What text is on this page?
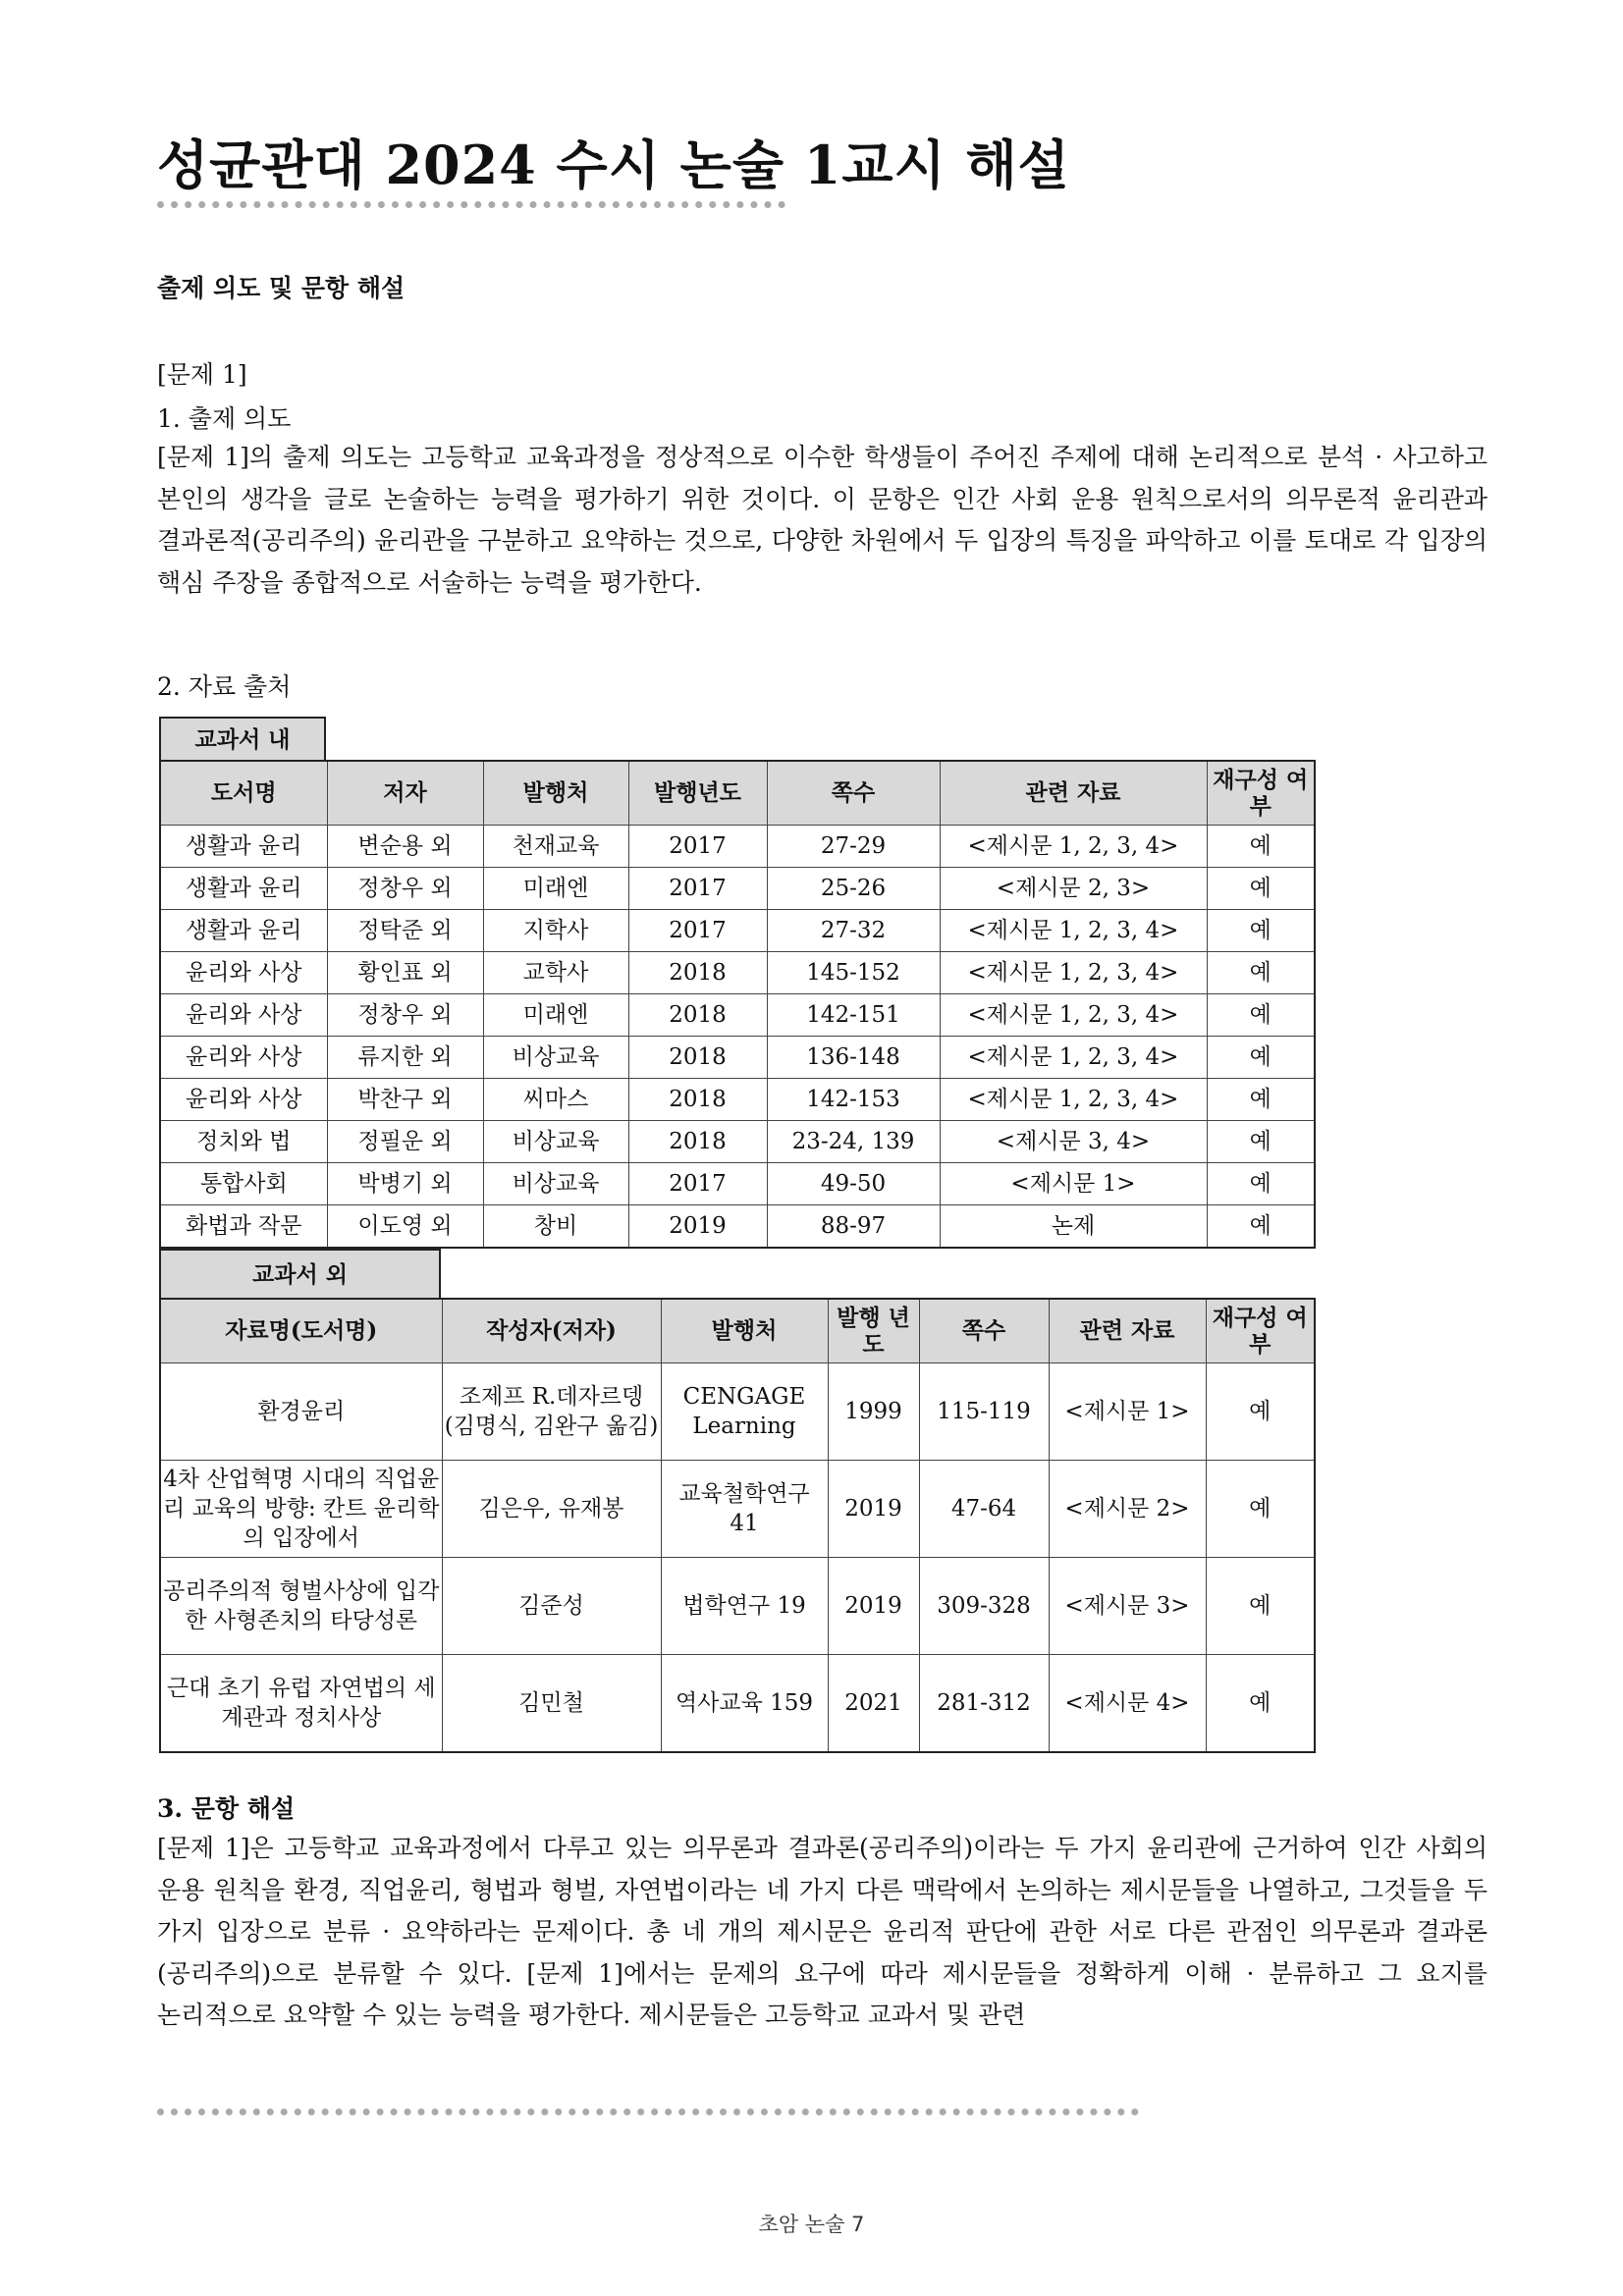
성균관대 2024 수시 논술 1교시 해설
출제 의도 및 문항 해설
[문제 1]
1. 출제 의도

[문제 1]의 출제 의도는 고등학교 교육과정을 정상적으로 이수한 학생들이 주어진 주제에 대해 논리적으로 분석 · 사고하고 본인의 생각을 글로 논술하는 능력을 평가하기 위한 것이다. 이 문항은 인간 사회 운용 원칙으로서의 의무론적 윤리관과 결과론적(공리주의) 윤리관을 구분하고 요약하는 것으로, 다양한 차원에서 두 입장의 특징을 파악하고 이를 토대로 각 입장의 핵심 주장을 종합적으로 서술하는 능력을 평가한다.

2. 자료 출처
교과서 내
도서명	저자	발행처	발행년도	쪽수	관련 자료	재구성 여부
생활과 윤리	변순용 외	천재교육	2017	27-29	<제시문 1, 2, 3, 4>	예
생활과 윤리	정창우 외	미래엔	2017	25-26	<제시문 2, 3>	예
생활과 윤리	정탁준 외	지학사	2017	27-32	<제시문 1, 2, 3, 4>	예
윤리와 사상	황인표 외	교학사	2018	145-152	<제시문 1, 2, 3, 4>	예
윤리와 사상	정창우 외	미래엔	2018	142-151	<제시문 1, 2, 3, 4>	예
윤리와 사상	류지한 외	비상교육	2018	136-148	<제시문 1, 2, 3, 4>	예
윤리와 사상	박찬구 외	씨마스	2018	142-153	<제시문 1, 2, 3, 4>	예
정치와 법	정필운 외	비상교육	2018	23-24, 139	<제시문 3, 4>	예
통합사회	박병기 외	비상교육	2017	49-50	<제시문 1>	예
화법과 작문	이도영 외	창비	2019	88-97	논제	예
교과서 외
자료명(도서명)	작성자(저자)	발행처	발행 년도	쪽수	관련 자료	재구성 여부
환경윤리	조제프 R.데자르뎅 (김명식, 김완구 옮김)	CENGAGE Learning	1999	115-119	<제시문 1>	예
4차 산업혁명 시대의 직업윤리 교육의 방향: 칸트 윤리학의 입장에서	김은우, 유재봉	교육철학연구 41	2019	47-64	<제시문 2>	예
공리주의적 형벌사상에 입각한 사형존치의 타당성론	김준성	법학연구 19	2019	309-328	<제시문 3>	예
근대 초기 유럽 자연법의 세계관과 정치사상	김민철	역사교육 159	2021	281-312	<제시문 4>	예
3. 문항 해설

[문제 1]은 고등학교 교육과정에서 다루고 있는 의무론과 결과론(공리주의)이라는 두 가지 윤리관에 근거하여 인간 사회의 운용 원칙을 환경, 직업윤리, 형법과 형벌, 자연법이라는 네 가지 다른 맥락에서 논의하는 제시문들을 나열하고, 그것들을 두 가지 입장으로 분류 · 요약하라는 문제이다. 총 네 개의 제시문은 윤리적 판단에 관한 서로 다른 관점인 의무론과 결과론(공리주의)으로 분류할 수 있다. [문제 1]에서는 문제의 요구에 따라 제시문들을 정확하게 이해 · 분류하고 그 요지를 논리적으로 요약할 수 있는 능력을 평가한다. 제시문들은 고등학교 교과서 및 관련

초암 논술 7
